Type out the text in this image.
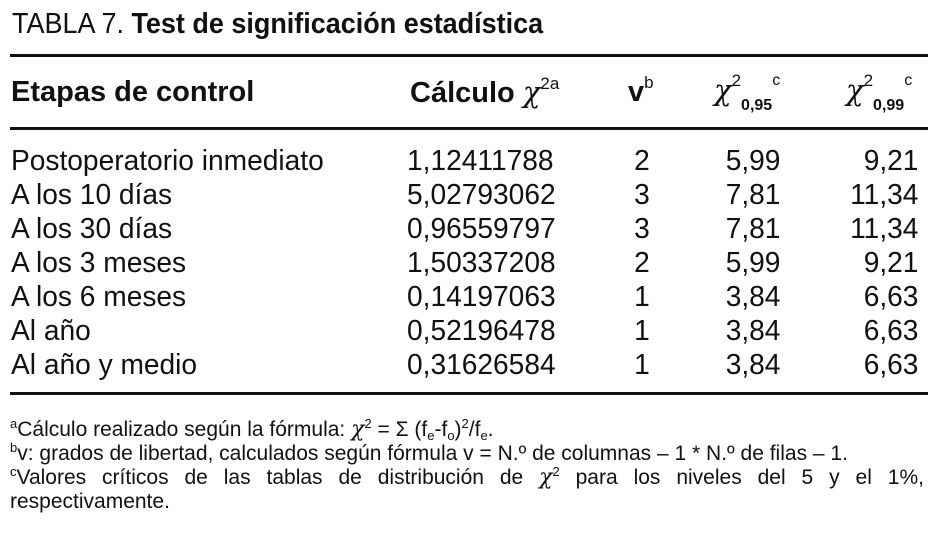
TABLA 7. Test de significación estadística
Etapas de control	Cálculo $\chi^{2a}$ $v^b$ $\chi^2_{0,95}^c$ $\chi^2_{0,99}^c$
Postoperatorio inmediato	1,12411788	2	5,99	9,21
A los 10 días	5,02793062	3	7,81 11,34
A los 30 días	0,96559797	3	7,81 11,34
A los 3 meses	1,50337208	2	5,99	9,21
A los 6 meses	0,14197063	1	3,84	6,63
Al año	0,52196478	1	3,84	6,63
Al año y medio	0,31626584	1	3,84	6,63
$^a$Cálculo realizado según la fórmula: $\chi^2 = \Sigma$ $(f_e-f_o)^2/f_e$.
$^b$v: grados de libertad, calculados según fórmula v = N.º de columnas – 1 * N.º de filas – 1.
$^c$Valores críticos de las tablas de distribución de $\chi^2$ para los niveles del 5 y el 1%, respectivamente.
